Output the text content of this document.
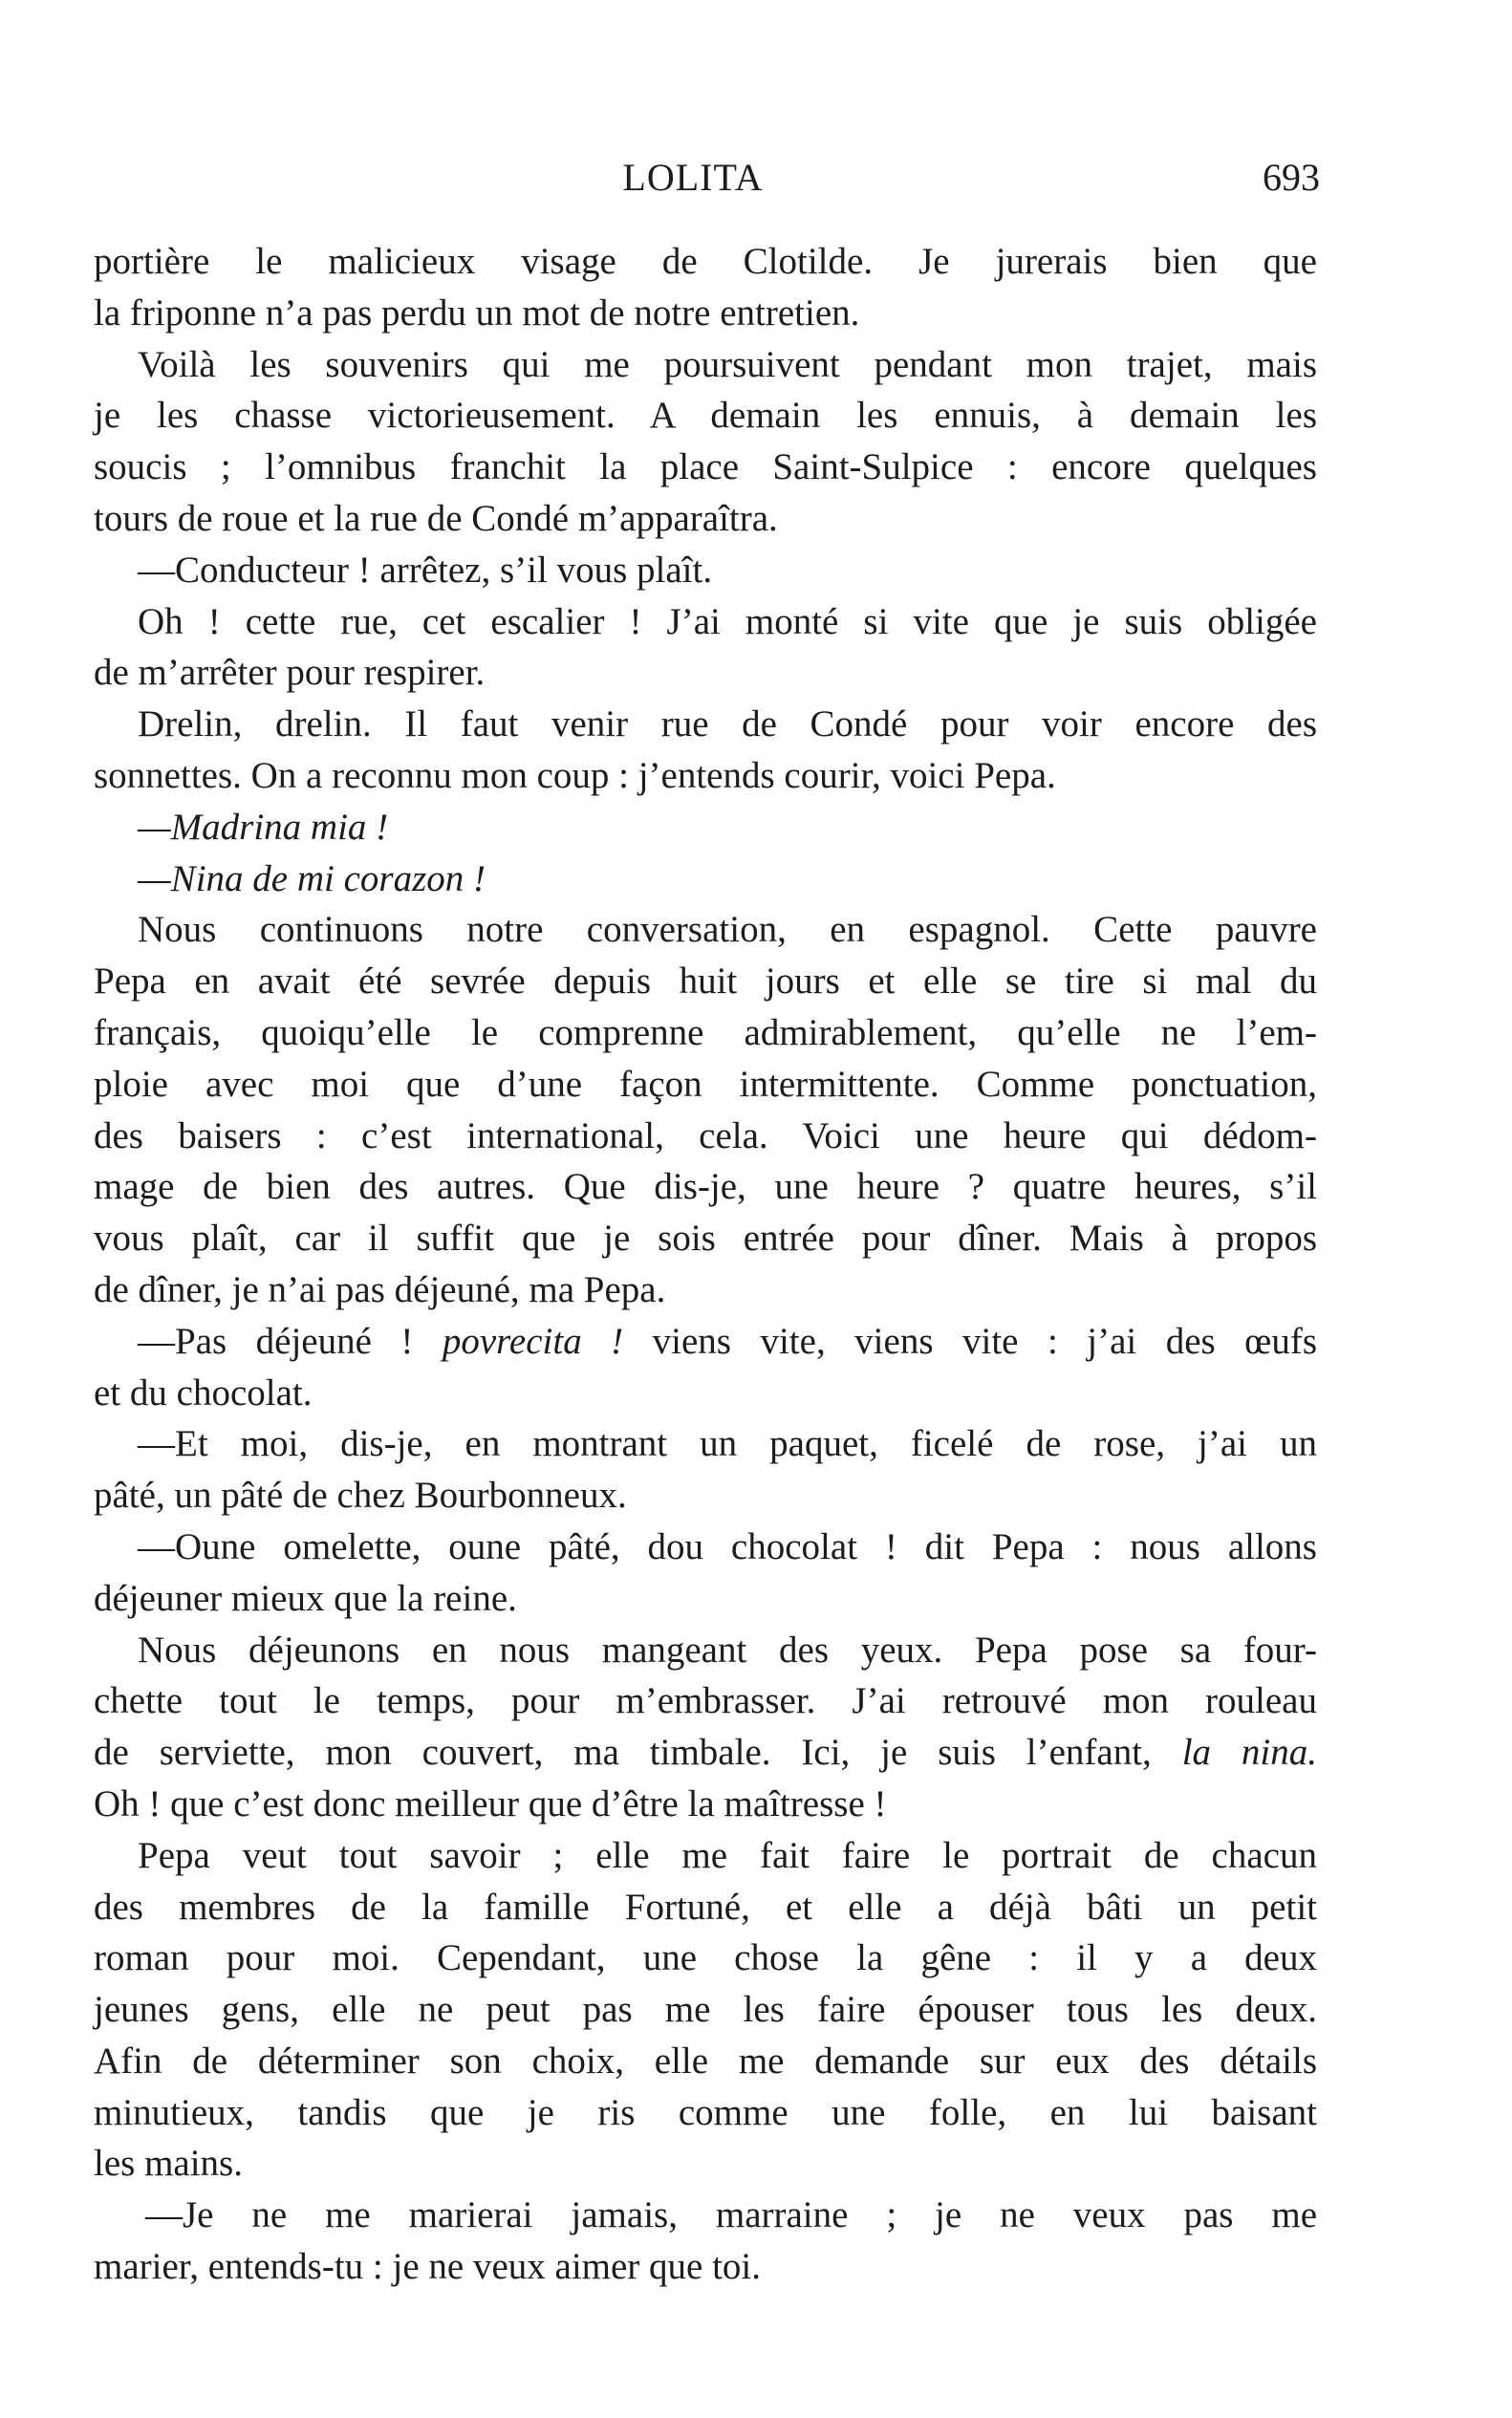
LOLITA	693
portière le malicieux visage de Clotilde. Je jurerais bien que
la friponne n’a pas perdu un mot de notre entretien.
Voilà les souvenirs qui me poursuivent pendant mon trajet, mais
je les chasse victorieusement. A demain les ennuis, à demain les
soucis ; l’omnibus franchit la place Saint-Sulpice : encore quelques
tours de roue et la rue de Condé m’apparaîtra.
—Conducteur ! arrêtez, s’il vous plaît.
Oh ! cette rue, cet escalier ! J’ai monté si vite que je suis obligée
de m’arrêter pour respirer.
Drelin, drelin. Il faut venir rue de Condé pour voir encore des
sonnettes. On a reconnu mon coup : j’entends courir, voici Pepa.
—Madrina mia !
—Nina de mi corazon !
Nous continuons notre conversation, en espagnol. Cette pauvre
Pepa en avait été sevrée depuis huit jours et elle se tire si mal du
français, quoiqu’elle le comprenne admirablement, qu’elle ne l’em-
ploie avec moi que d’une façon intermittente. Comme ponctuation,
des baisers : c’est international, cela. Voici une heure qui dédom-
mage de bien des autres. Que dis-je, une heure ? quatre heures, s’il
vous plaît, car il suffit que je sois entrée pour dîner. Mais à propos
de dîner, je n’ai pas déjeuné, ma Pepa.
—Pas déjeuné ! povrecita ! viens vite, viens vite : j’ai des œufs
et du chocolat.
—Et moi, dis-je, en montrant un paquet, ficelé de rose, j’ai un
pâté, un pâté de chez Bourbonneux.
—Oune omelette, oune pâté, dou chocolat ! dit Pepa : nous allons
déjeuner mieux que la reine.
Nous déjeunons en nous mangeant des yeux. Pepa pose sa four-
chette tout le temps, pour m’embrasser. J’ai retrouvé mon rouleau
de serviette, mon couvert, ma timbale. Ici, je suis l’enfant, la nina.
Oh ! que c’est donc meilleur que d’être la maîtresse !
Pepa veut tout savoir ; elle me fait faire le portrait de chacun
des membres de la famille Fortuné, et elle a déjà bâti un petit
roman pour moi. Cependant, une chose la gêne : il y a deux
jeunes gens, elle ne peut pas me les faire épouser tous les deux.
Afin de déterminer son choix, elle me demande sur eux des détails
minutieux, tandis que je ris comme une folle, en lui baisant
les mains.
—Je ne me marierai jamais, marraine ; je ne veux pas me
marier, entends-tu : je ne veux aimer que toi.
